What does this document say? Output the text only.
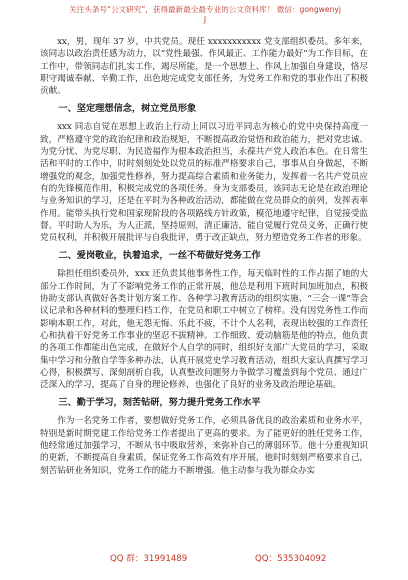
关注头条号“公文研究”，获得最新最全最专业的公文资料库！ 微信：gongwenyj
J

xx，男，现年 37 岁，中共党员。现任 xxxxxxxxxxx 党支部组织委员。多年来，该同志以政治责任感为动力，以“党性最强、作风最正、工作能力最好”为工作目标，在工作中，带领同志们扎实工作，竭尽所能，是一个思想上、作风上加强自身建设，恪尽职守竭诚奉献、辛勤工作，出色地完成党支部任务，为党务工作和党的事业作出了积极贡献。

一、坚定理想信念，树立党员形象

xxx 同志自觉在思想上政治上行动上同以习近平同志为核心的党中央保持高度一致，严格遵守党的政治纪律和政治规矩，不断提高政治觉悟和政治能力，把对党忠诚、为党分忧、为党尽职、为民造福作为根本政治担当，永葆共产党人政治本色。在日常生活和平时的工作中，时时刻刻处处以党员的标准严格要求自己，事事从自身做起，不断增强党的观念，加强党性修养，努力提高综合素质和业务能力，发挥着一名共产党员应有的先锋模范作用，积极完成党的各项任务。身为支部委员，该同志无论是在政治理论与业务知识的学习，还是在平时为各种政治活动，都能做在党员群众的前列，发挥表率作用。能带头执行党和国家现阶段的各项路线方针政策，模范地遵守纪律，自觉接受监督。平时助人为乐，为人正派，坚持原则，清正廉洁，能自觉履行党员义务，正确行使党员权利，并积极开展批评与自我批评，勇于改正缺点，努力塑造党务工作者的形象。

二、爱岗敬业，执着追求，一丝不苟做好党务工作

除担任组织委员外，xxx 还负责其他事务性工作，每天临时性的工作占据了她的大部分工作时间，为了不影响党务工作的正常开展，他总是利用下班时间加班加点，积极协助支部认真做好各类计划方案工作、各种学习教育活动的组织实施、“三会一课”等会议记录和各种材料的整理归档工作，在党员和职工中树立了榜样。没有因党务性工作而影响本职工作，对此，他无怨无悔、乐此不疲，不计个人名利，表现出较强的工作责任心和执着干好党务工作事业的坚忍不拔精神。工作细致、爱动脑筋是他的特点，他负责的各项工作都能出色完成，在做好个人自学的同时，组织好支部广大党员的学习，采取集中学习和分散自学等多种办法，认真开展党史学习教育活动，组织大家认真撰写学习心得，积极撰写、深刻剖析自我，认真整改问题努力争做学习覆盖到每个党员、通过广泛深入的学习，提高了自身的理论修养，也强化了良好的业务及政治理论基础。

三、勤于学习，刻苦钻研，努力提升党务工作水平

作为一名党务工作者，要想做好党务工作，必须具备优良的政治素质和业务水平，特别是新时期党建工作给党务工作者提出了更高的要求。为了能更好的胜任党务工作，他经常通过加强学习，不断从书中吸取营养，来弥补自己的薄弱环节。他十分重视知识的更新，不断提高自身素质，保证党务工作高效有序开展，他时时刻刻严格要求自己，刻苦钻研业务知识，党务工作的能力不断增强。他主动参与我为群众办实

QQ 群：31991489	QQ：535304092
